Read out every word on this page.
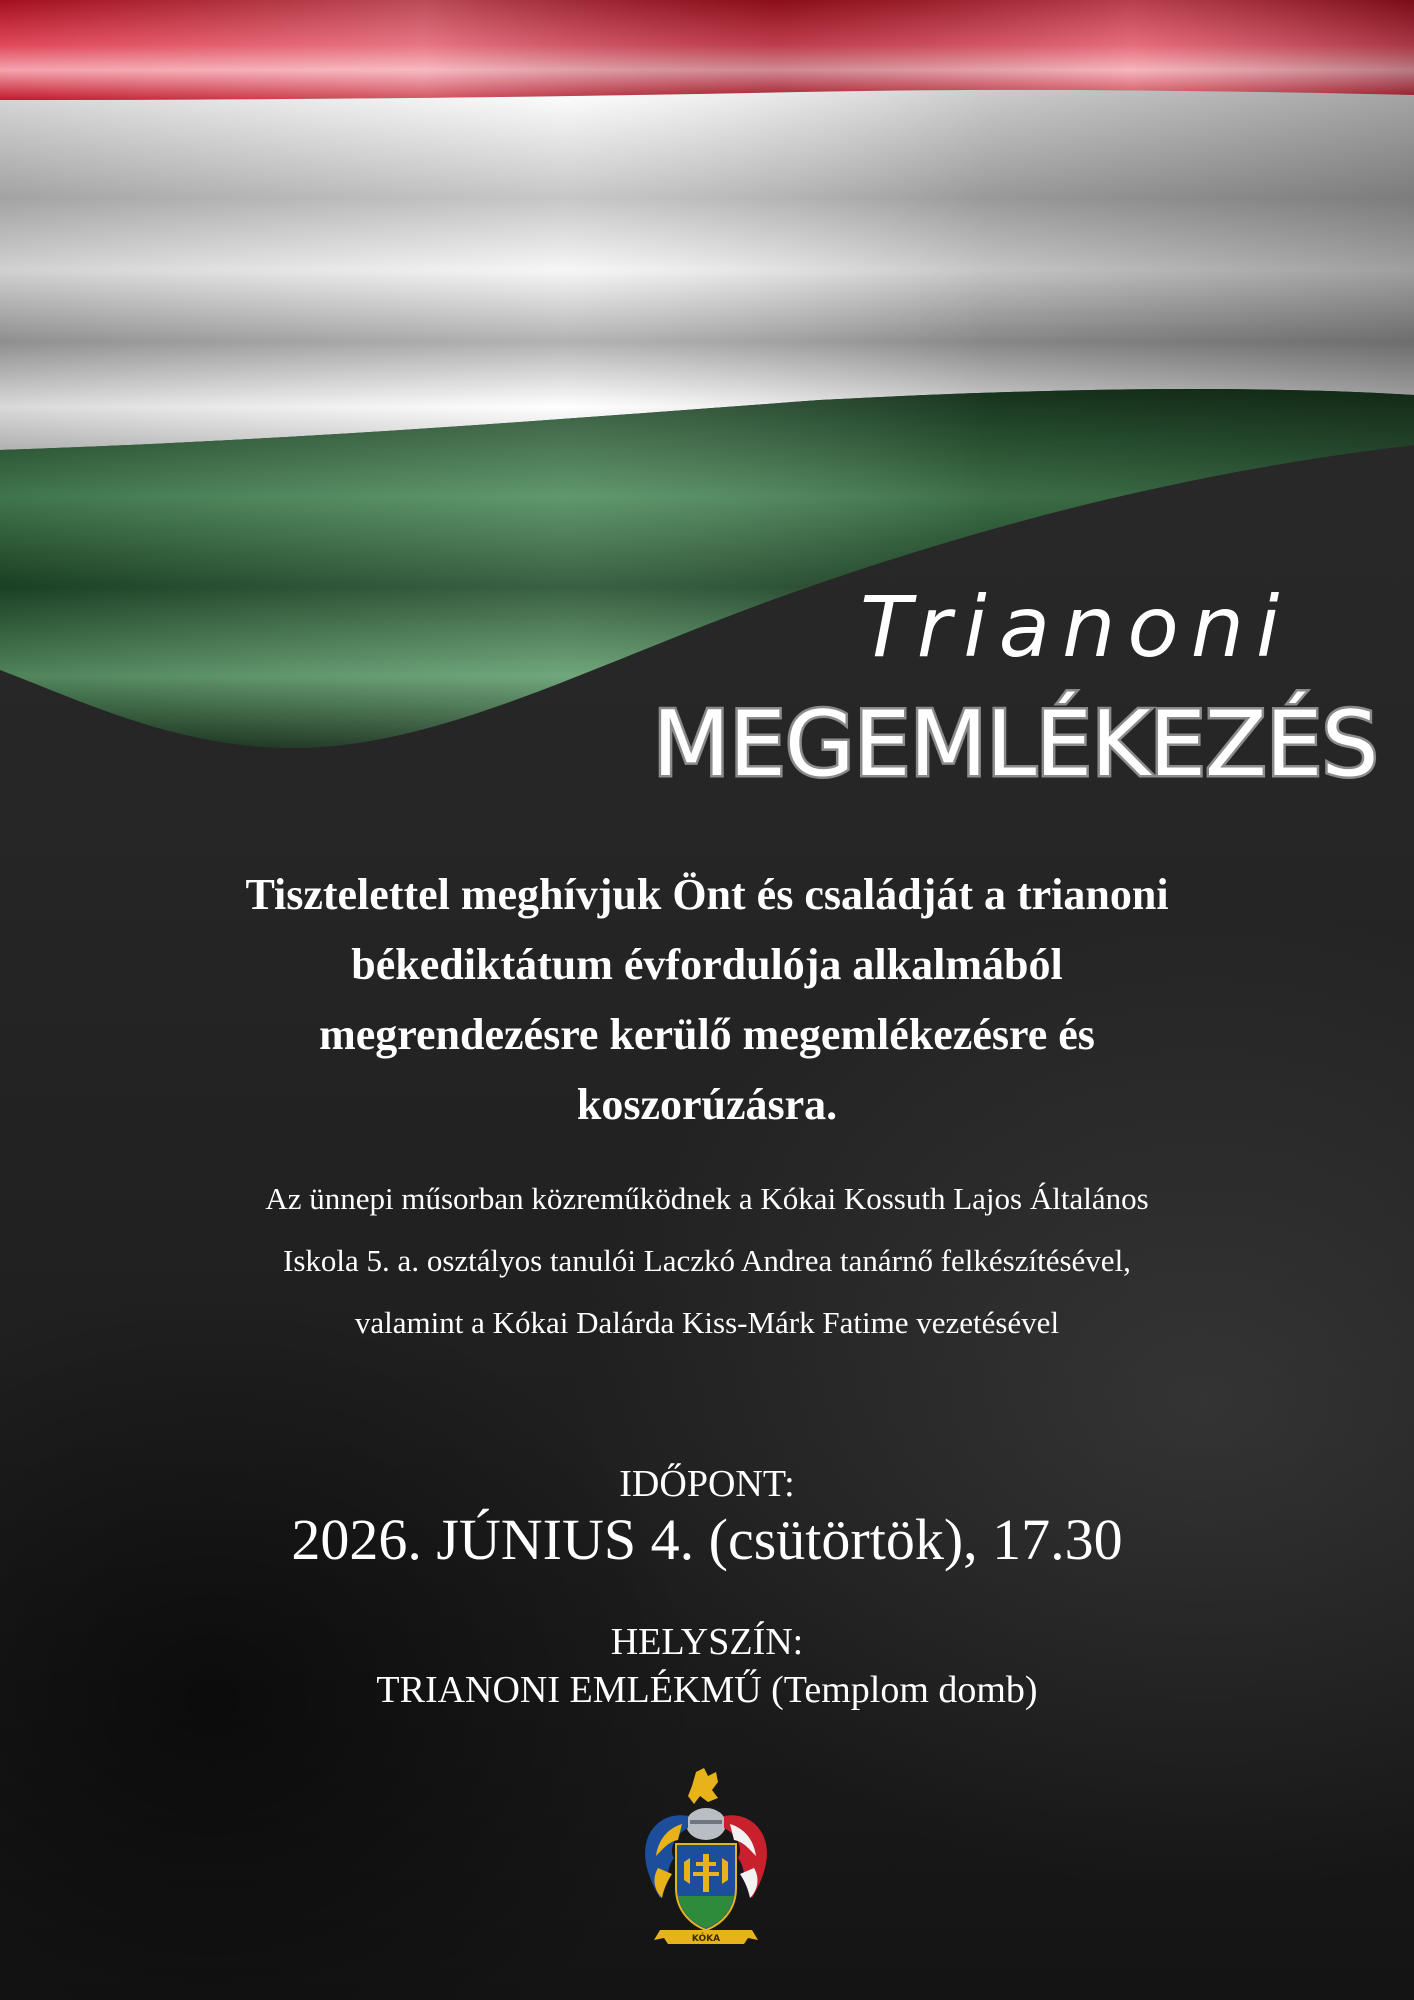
Trianoni
MEGEMLÉKEZÉS
Tisztelettel meghívjuk Önt és családját a trianoni
békediktátum évfordulója alkalmából
megrendezésre kerülő megemlékezésre és
koszorúzásra.
Az ünnepi műsorban közreműködnek a Kókai Kossuth Lajos Általános
Iskola 5. a. osztályos tanulói Laczkó Andrea tanárnő felkészítésével,
valamint a Kókai Dalárda Kiss-Márk Fatime vezetésével
IDŐPONT:
2026. JÚNIUS 4. (csütörtök), 17.30
HELYSZÍN:
TRIANONI EMLÉKMŰ (Templom domb)
KÓKA
